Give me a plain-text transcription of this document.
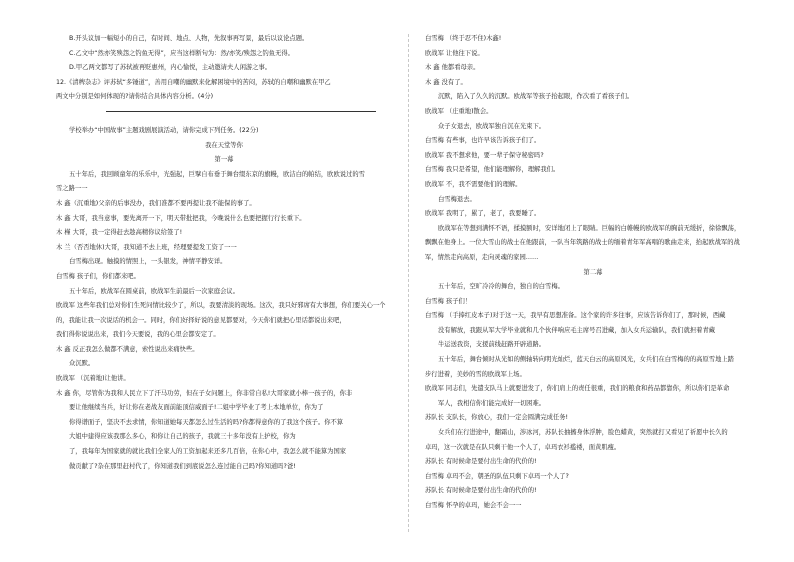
B.开头议加一幅短小的自己，有时间、地点、人物，先叙事再写景，最后以议论点题。
C.乙文中“然亦笑殃怨之钓鱼无得”，应当这样断句为：然/亦笑/殃怨之钓鱼无得。
D.甲乙两文都写了苏轼被再贬惠州，内心愉悦，主动邀请夫人闲游之事。
12.《清稗杂志》评苏轼“多锤道”，善用自嘲的幽默来化解困境中的苦闷，苏轼的自嘲和幽默在甲乙
两文中分别是如何体现的?请你结合具体内容分析。(4分)
学校举办“中国故事”主题戏剧展演活动，请你完成下列任务。(22分)
我在天堂等你
第一幕
五十年后，我回顾童年的乐乐中，光强起，巨擘自布垂于舞台缀东京的旗幔，欧洁白的帕结，欧欧说过的雪
雪之路一一
木 鑫（沉重地)父亲的后事没办，我们准都不要再提让我不能保的事了。
木 鑫 大哥，我当意事，要先离开一下，明天带批把我，今晚说什么也要把握行行长重下。
木 槿 大哥，我一定得赶去趁高精你议给签了!
木 兰（否否地休)大哥，我知道不去上班，经理要提发工资了一一
白雪梅出现。触摸的情照上，一头银发，神情平静安详。
白雪梅 孩子们，你们都来吧。
五十年后，欧战军在圆桌前，欧战军生前最后一次家庭会议。
欧战军 这些年我们总对你们生死问情比较少了，所以，我要清淡的现场。这次，我只好邪席有大事想，你们要关心一个的，我能让我一次说话的机会一。同时，你们好择好说的意见都要对，今天你们就把心里话都说出来吧，
我们得你说说出来，我们今天要说，我的心里会都安定了。
木 鑫 反正我怎么做都不满意，索性说出来痛快些。
众沉默。
欧战军 （沉着地)让他讲。
木 鑫 你，尽管你为我和人民立下了汗马功劳，但在子女问题上，你非常自私!大哥家就小棒一孩子的，你非
要让他继续当兵，好让你在老战友面前能顶信威面子!二姐中学毕业了考上本地单位，你为了
你得谱面子，坚决不去求情，你知道她每天都怎么过生活的吗?你都得意你的了我这个孩子。你不算
大姐中建得应该我那么多心，和你让自己的孩子，我就三十多年没有上护校，你为
了，我每年为国家就的就比我们全家人的工资加起来还多几百倍，在你心中，我怎么就不能算为国家
做贡献了?杂在那里赶村代了，你知道我们到底说怎么连过能自己吗?你知道吗?爸!
白雪梅 （终于忍不住)木鑫!
欧战军 让他往下说。
木 鑫 他都看母亲。
木 鑫 没有了。
沉默，陷入了久久的沉默。欧战军等孩子抬起眼，作次看了看孩子们。
欧战军 （庄重地)散会。
众子女退去，欧战军独自沉在光束下。
白雪梅 有些事，也许早该告诉孩子们了。
欧战军 我不想求他，要一辈子保守秘密吗?
白雪梅 我只是希望，他们能理解你，理解我们。
欧战军 不，我不需要他们的理解。
白雪梅退去。
欧战军 我明了，累了，老了，我要睡了。
欧战军在等想到满怀不语，揉摸额时，安详地闭上了眼睛。巨幅的白帷幔的欧战军的胸前无缓折，徐徐飘荡，
飘飘在他身上。一位大雪山的战士在他跟前，一队当年筑路的战士的缅着青年军高唱的歌曲走来，抬起欧战军的战
军，情然走向高原，走向灵魂的家园……
第二幕
五十年后，空旷冷冷的舞台，独自的白雪梅。
白雪梅 孩子们！
白雪梅 （手捧红皮本子)对于这一天，我早有思想准备。这个家的许多往事，应该告诉你们了，那时候，西藏
没有解放，我跟从军大学毕业就和几个伙伴响应毛主席号召进藏，加入女兵运输队，我们就担着青藏
牛运送我资，支援前线赶路开辟道路。
五十年后，舞台倾时从光如的侧轴转向明光灿烂，蓝天白云的高原风光，女兵们在白雪梅的的高原雪地上踏
步行进着，美妙的雪的欧战军上场。
欧战军 同志们，先遣支队马上就要进发了，你们肩上的责任很重，我们的粮食和药品都靠你，所以你们是革命
军人，我相信你们能完成好一切困难。
苏队长 支队长，你放心，我们一定会圆满完成任务!
女兵们在行进途中，翻霜山，涉冰河，苏队长抽搐身体浮肿，脸色蜡黄，突然就打又看见了祈愿中长久的
卓玛，这一次就是在队只剩干他一个人了，卓玛衣衫褴褛，面黄肌瘦。
苏队长 有时候命是要付出生命的代价的!
白雪梅 卓玛不会，朝圣的队伍只剩下卓玛一个人了?
苏队长 有时候命是要付出生命的代价的!
白雪梅 怀孕的卓玛，她会不会一一
